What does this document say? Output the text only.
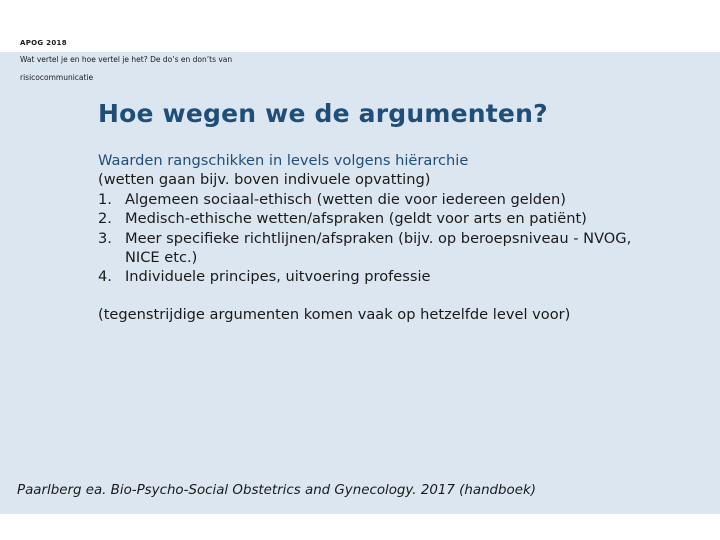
APOG 2018
Wat vertel je en hoe vertel je het? De do’s en don’ts van
risicocommunicatie
Hoe wegen we de argumenten?

Waarden rangschikken in levels volgens hiërarchie

(wetten gaan bijv. boven indivuele opvatting)

1. Algemeen sociaal-ethisch (wetten die voor iedereen gelden)
2. Medisch-ethische wetten/afspraken (geldt voor arts en patiënt)
3. Meer specifieke richtlijnen/afspraken (bijv. op beroepsniveau - NVOG, NICE etc.)
4. Individuele principes, uitvoering professie

(tegenstrijdige argumenten komen vaak op hetzelfde level voor)

Paarlberg ea. Bio-Psycho-Social Obstetrics and Gynecology. 2017 (handboek)
